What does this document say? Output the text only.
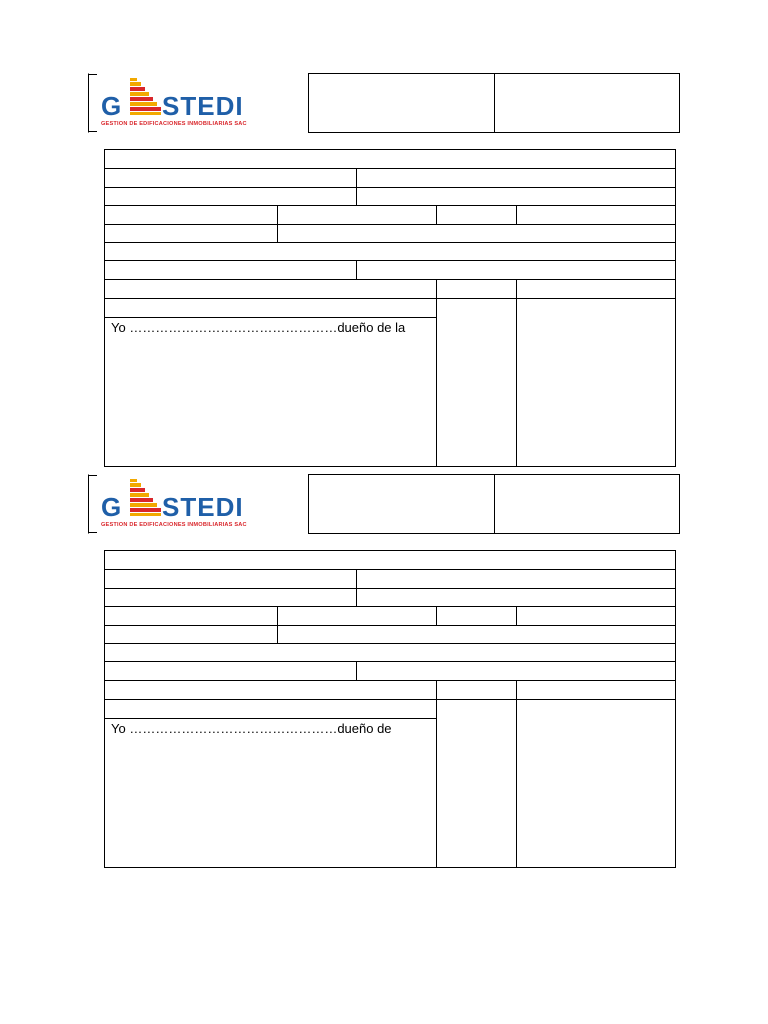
G STEDI
GESTION DE EDIFICACIONES INMOBILIARIAS SAC
Yo …………………………………………dueño de la
G STEDI
GESTION DE EDIFICACIONES INMOBILIARIAS SAC
Yo …………………………………………dueño de
